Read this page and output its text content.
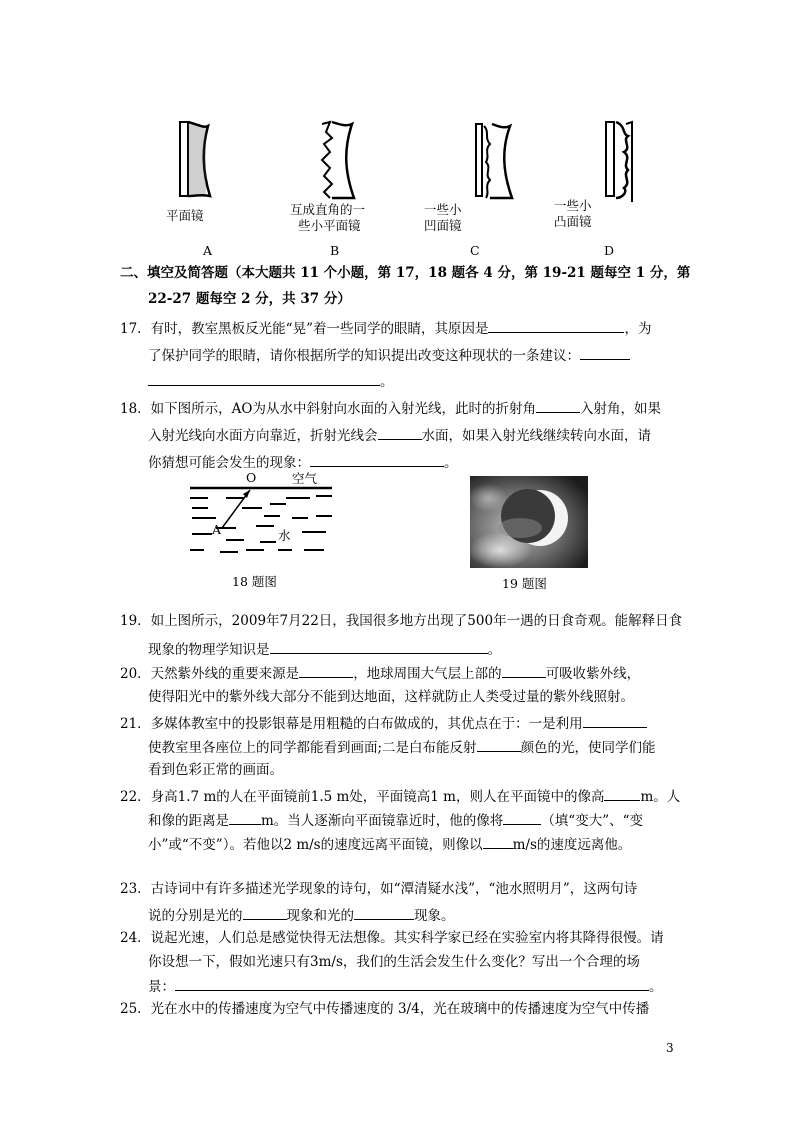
平面镜	互成直角的一
些小平面镜
一些小
凹面镜
一些小
凸面镜
A	B	C	D
二、填空及简答题（本大题共 11 个小题，第 17，18 题各 4 分，第 19-21 题每空 1 分，第
22-27 题每空 2 分，共 37 分）
17．有时，教室黑板反光能“晃”着一些同学的眼睛，其原因是	，为
了保护同学的眼睛，请你根据所学的知识提出改变这种现状的一条建议：
。
18．如下图所示，AO为从水中斜射向水面的入射光线，此时的折射角	入射角，如果
入射光线向水面方向靠近，折射光线会	水面，如果入射光线继续转向水面，请
你猜想可能会发生的现象：	。
O	空气
A	水
18 题图	19 题图
19．如上图所示，2009年7月22日，我国很多地方出现了500年一遇的日食奇观。能解释日食
现象的物理学知识是	。
20．天然紫外线的重要来源是	，地球周围大气层上部的	可吸收紫外线，
使得阳光中的紫外线大部分不能到达地面，这样就防止人类受过量的紫外线照射。
21．多媒体教室中的投影银幕是用粗糙的白布做成的，其优点在于：一是利用
使教室里各座位上的同学都能看到画面;二是白布能反射	颜色的光，使同学们能
看到色彩正常的画面。
22．身高1.7 m的人在平面镜前1.5 m处，平面镜高1 m，则人在平面镜中的像高	m。人
和像的距离是 m。当人逐渐向平面镜靠近时，他的像将	（填“变大”、“变
小”或“不变”）。若他以2 m/s的速度远离平面镜，则像以 m/s的速度远离他。
23．古诗词中有许多描述光学现象的诗句，如“潭清疑水浅”，“池水照明月”，这两句诗
说的分别是光的	现象和光的	现象。
24．说起光速，人们总是感觉快得无法想像。其实科学家已经在实验室内将其降得很慢。请
你设想一下，假如光速只有3m/s，我们的生活会发生什么变化？写出一个合理的场
景：	。
25．光在水中的传播速度为空气中传播速度的 3/4，光在玻璃中的传播速度为空气中传播
3
